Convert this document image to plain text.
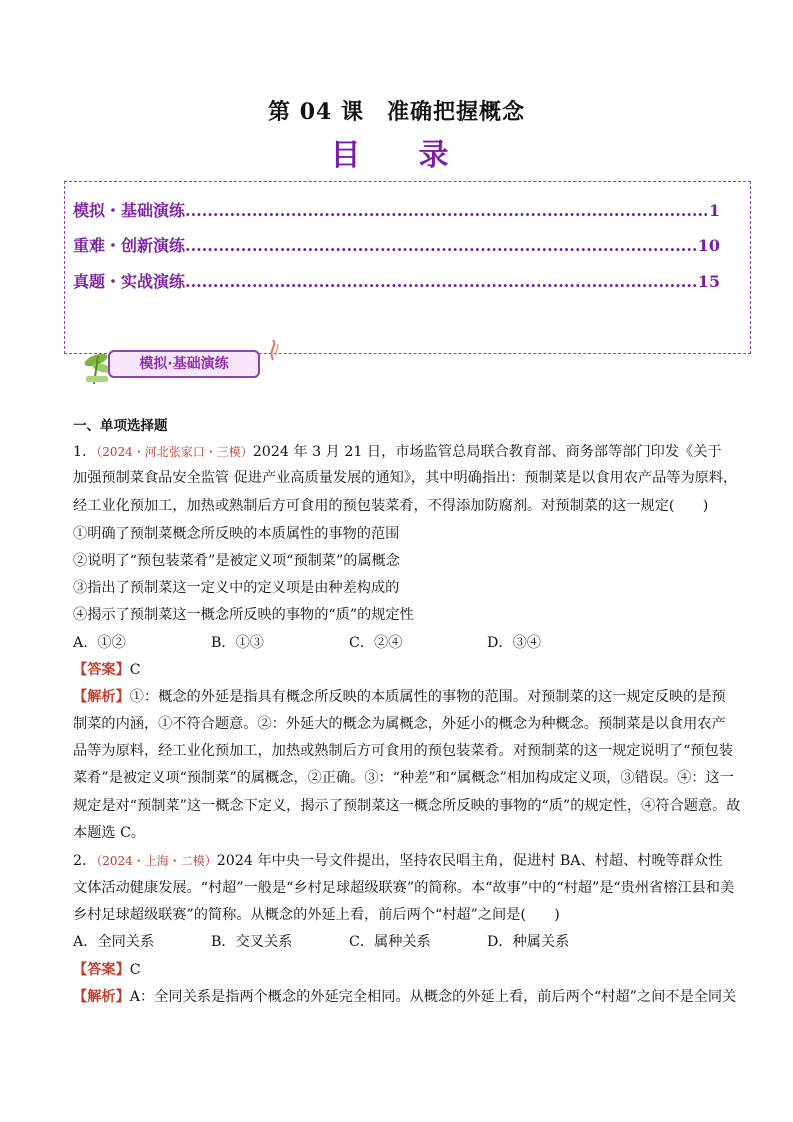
第 04 课　准确把握概念
目　录
模拟・基础演练 .....	1
重难・创新演练 .....	10
真题・实战演练 .....	15
模拟·基础演练
一、单项选择题
1．（2024・河北张家口・三模）2024 年 3 月 21 日，市场监管总局联合教育部、商务部等部门印发《关于
加强预制菜食品安全监管 促进产业高质量发展的通知》，其中明确指出：预制菜是以食用农产品等为原料，
经工业化预加工，加热或熟制后方可食用的预包装菜肴，不得添加防腐剂。对预制菜的这一规定(　　)
①明确了预制菜概念所反映的本质属性的事物的范围
②说明了“预包装菜肴”是被定义项“预制菜”的属概念
③指出了预制菜这一定义中的定义项是由种差构成的
④揭示了预制菜这一概念所反映的事物的“质”的规定性
A．①②	B．①③	C．②④	D．③④
【答案】C
【解析】①：概念的外延是指具有概念所反映的本质属性的事物的范围。对预制菜的这一规定反映的是预
制菜的内涵，①不符合题意。②：外延大的概念为属概念，外延小的概念为种概念。预制菜是以食用农产
品等为原料，经工业化预加工，加热或熟制后方可食用的预包装菜肴。对预制菜的这一规定说明了“预包装
菜肴”是被定义项“预制菜”的属概念，②正确。③：“种差”和“属概念”相加构成定义项，③错误。④：这一
规定是对“预制菜”这一概念下定义，揭示了预制菜这一概念所反映的事物的“质”的规定性，④符合题意。故
本题选 C。
2．（2024・上海・二模）2024 年中央一号文件提出，坚持农民唱主角，促进村 BA、村超、村晚等群众性
文体活动健康发展。“村超”一般是“乡村足球超级联赛”的简称。本“故事”中的“村超”是“贵州省榕江县和美
乡村足球超级联赛”的简称。从概念的外延上看，前后两个“村超”之间是(　　)
A．全同关系	B．交叉关系	C．属种关系	D．种属关系
【答案】C
【解析】A：全同关系是指两个概念的外延完全相同。从概念的外延上看，前后两个“村超”之间不是全同关
